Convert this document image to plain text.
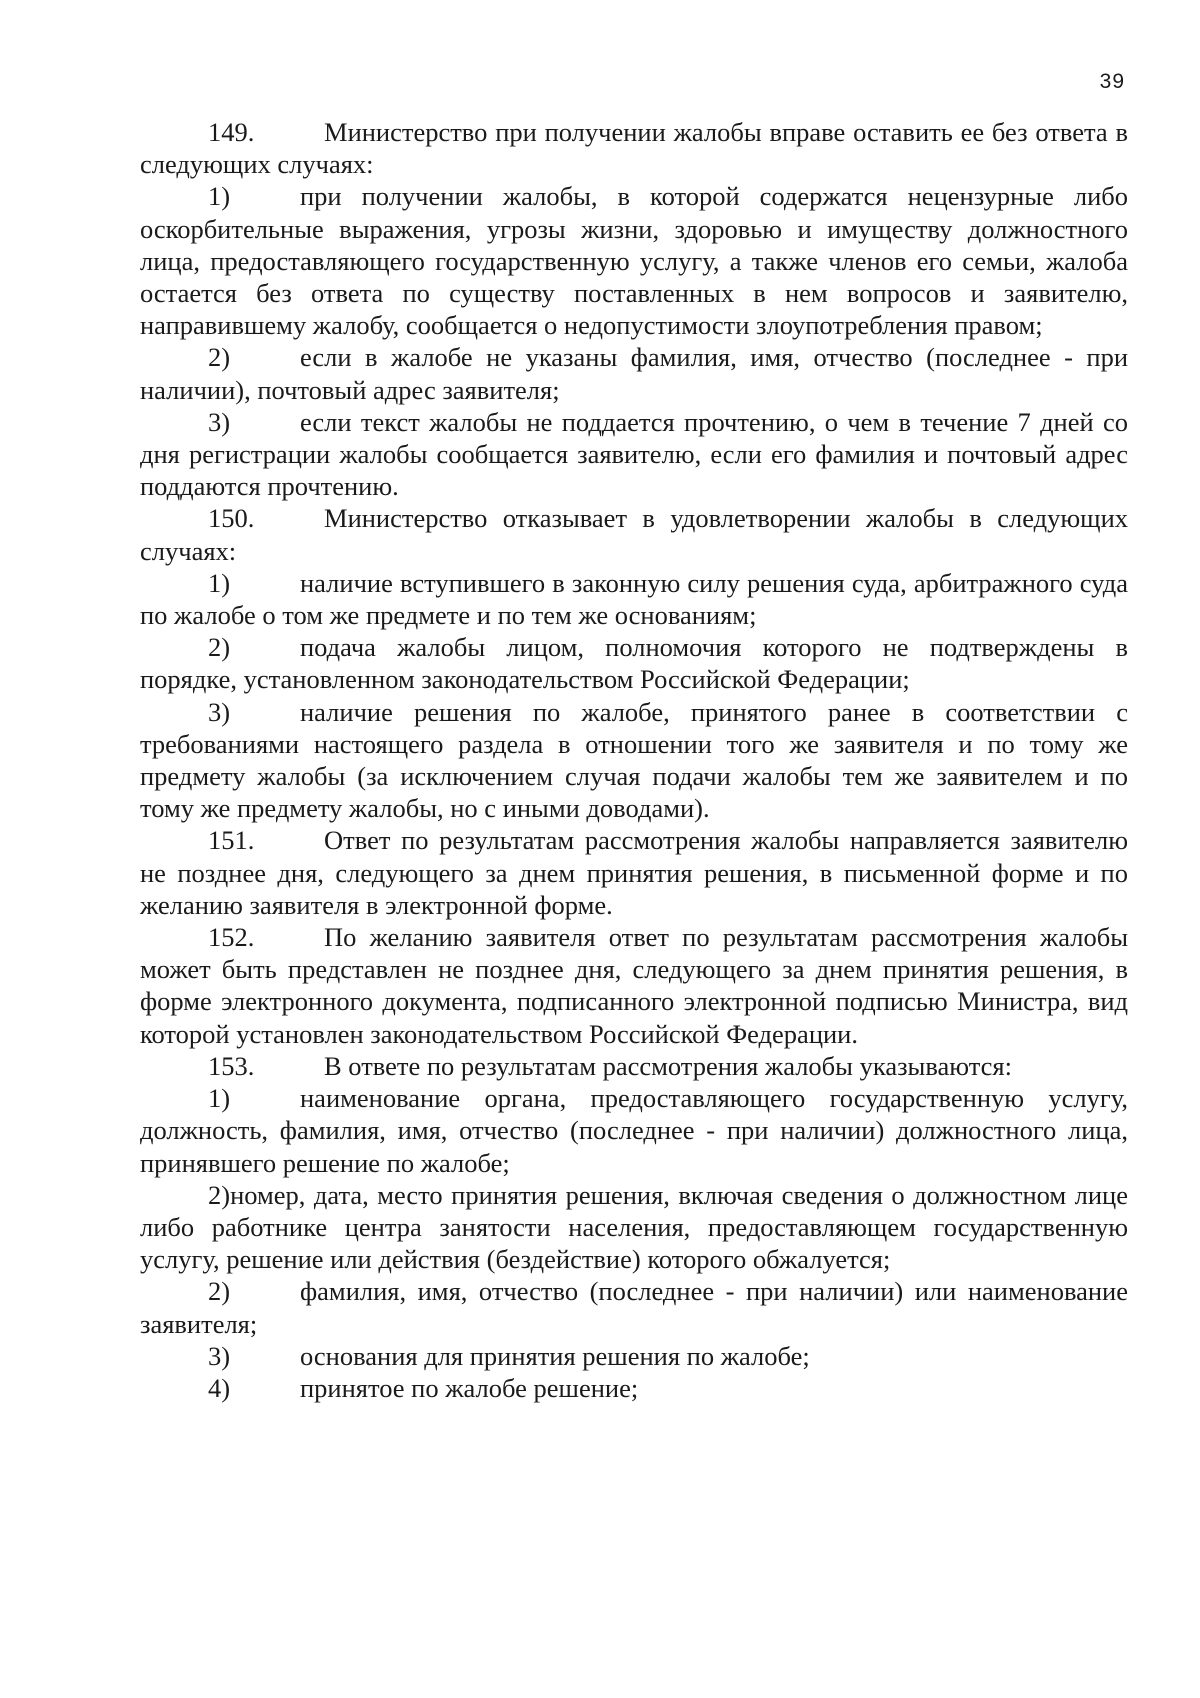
39

149.	Министерство при получении жалобы вправе оставить ее без ответа в следующих случаях:

1)	при получении жалобы, в которой содержатся нецензурные либо оскорбительные выражения, угрозы жизни, здоровью и имуществу должностного лица, предоставляющего государственную услугу, а также членов его семьи, жалоба остается без ответа по существу поставленных в нем вопросов и заявителю, направившему жалобу, сообщается о недопустимости злоупотребления правом;

2)	если в жалобе не указаны фамилия, имя, отчество (последнее - при наличии), почтовый адрес заявителя;

3)	если текст жалобы не поддается прочтению, о чем в течение 7 дней со дня регистрации жалобы сообщается заявителю, если его фамилия и почтовый адрес поддаются прочтению.

150.	Министерство отказывает в удовлетворении жалобы в следующих случаях:

1)	наличие вступившего в законную силу решения суда, арбитражного суда по жалобе о том же предмете и по тем же основаниям;

2)	подача жалобы лицом, полномочия которого не подтверждены в порядке, установленном законодательством Российской Федерации;

3)	наличие решения по жалобе, принятого ранее в соответствии с требованиями настоящего раздела в отношении того же заявителя и по тому же предмету жалобы (за исключением случая подачи жалобы тем же заявителем и по тому же предмету жалобы, но с иными доводами).

151.	Ответ по результатам рассмотрения жалобы направляется заявителю не позднее дня, следующего за днем принятия решения, в письменной форме и по желанию заявителя в электронной форме.

152.	По желанию заявителя ответ по результатам рассмотрения жалобы может быть представлен не позднее дня, следующего за днем принятия решения, в форме электронного документа, подписанного электронной подписью Министра, вид которой установлен законодательством Российской Федерации.

153.	В ответе по результатам рассмотрения жалобы указываются:

1)	наименование органа, предоставляющего государственную услугу, должность, фамилия, имя, отчество (последнее - при наличии) должностного лица, принявшего решение по жалобе;

2)номер, дата, место принятия решения, включая сведения о должностном лице либо работнике центра занятости населения, предоставляющем государственную услугу, решение или действия (бездействие) которого обжалуется;

2)	фамилия, имя, отчество (последнее - при наличии) или наименование заявителя;

3)	основания для принятия решения по жалобе;

4)	принятое по жалобе решение;
